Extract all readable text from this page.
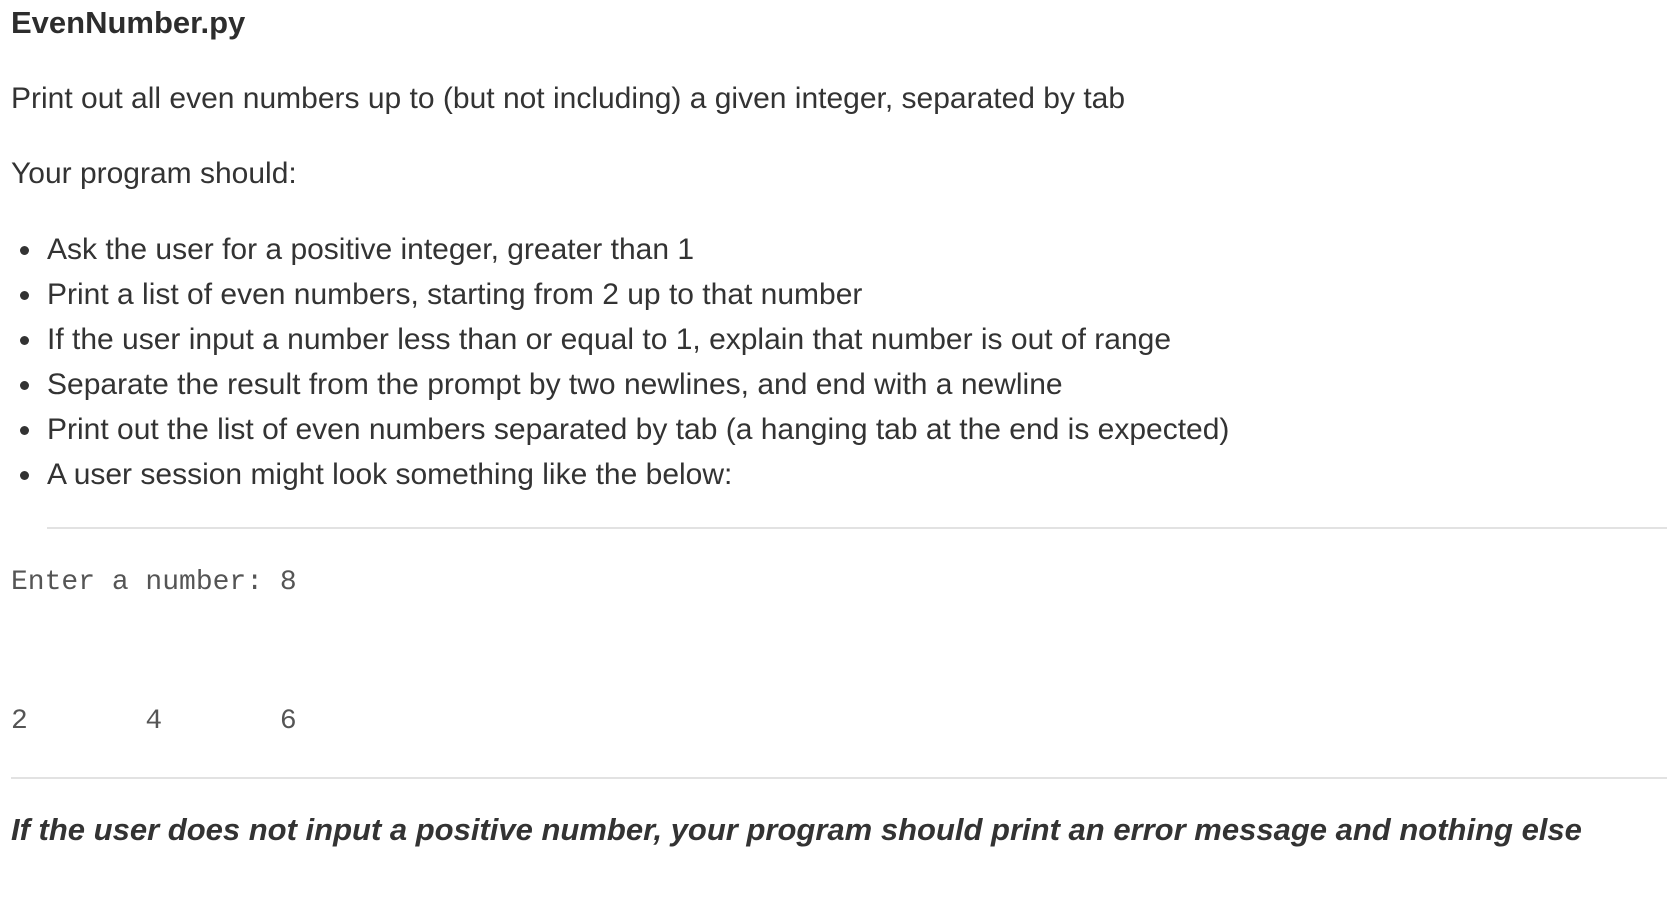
EvenNumber.py
Print out all even numbers up to (but not including) a given integer, separated by tab
Your program should:
Ask the user for a positive integer, greater than 1
Print a list of even numbers, starting from 2 up to that number
If the user input a number less than or equal to 1, explain that number is out of range
Separate the result from the prompt by two newlines, and end with a newline
Print out the list of even numbers separated by tab (a hanging tab at the end is expected)
A user session might look something like the below:
Enter a number: 8
2	4	6
If the user does not input a positive number, your program should print an error message and nothing else
